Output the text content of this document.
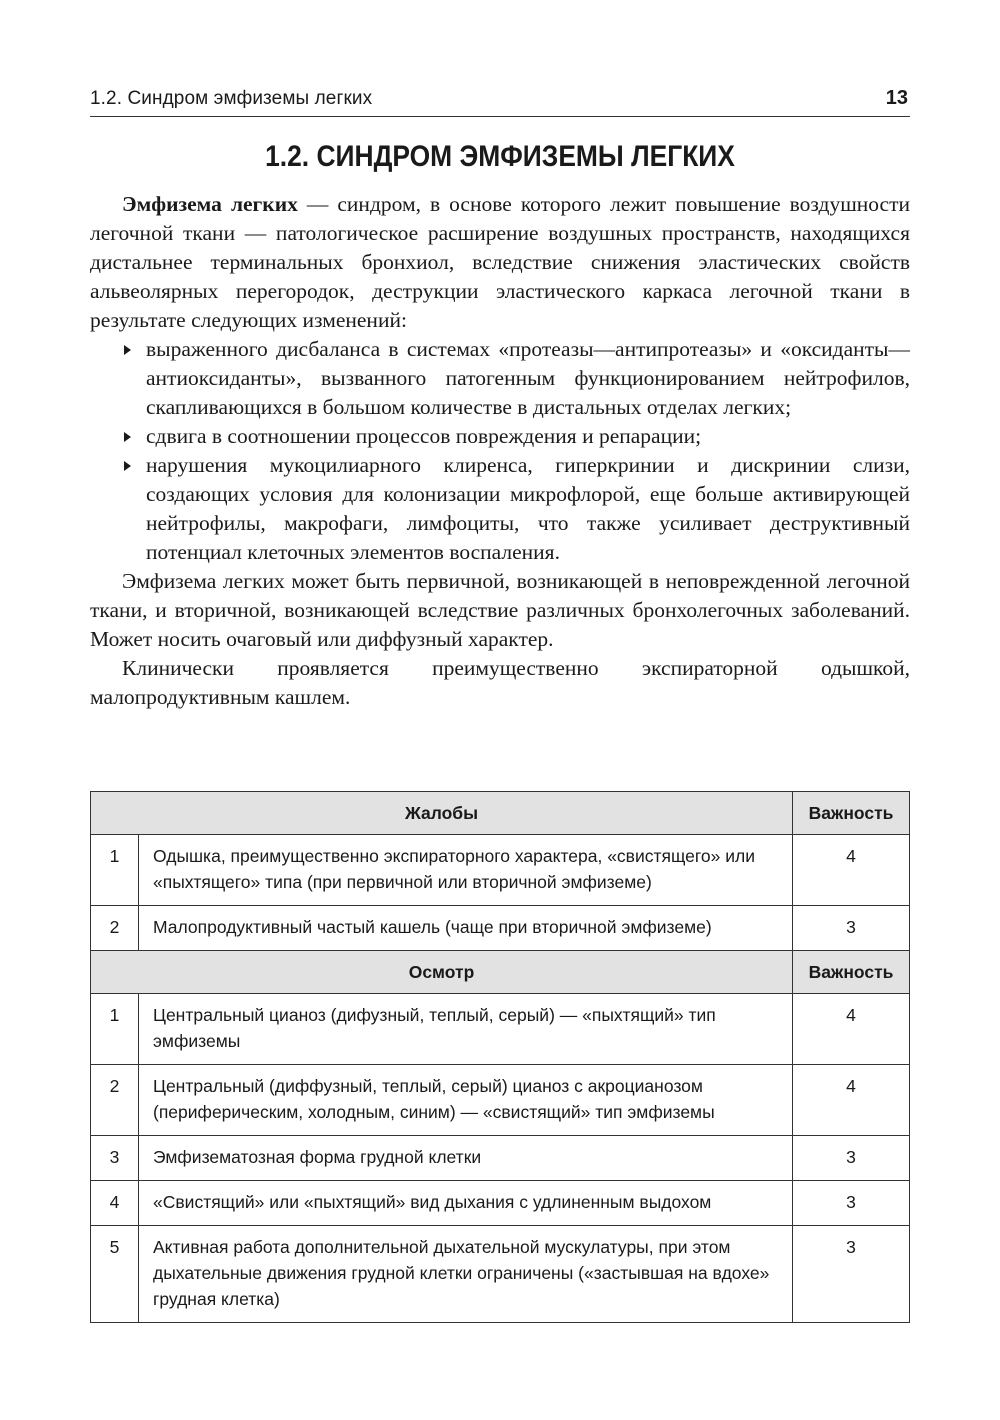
1.2. Синдром эмфиземы легких	13
1.2. СИНДРОМ ЭМФИЗЕМЫ ЛЕГКИХ

Эмфизема легких — синдром, в основе которого лежит повышение воздушности легочной ткани — патологическое расширение воздушных пространств, находящихся дистальнее терминальных бронхиол, вследствие снижения эластических свойств альвеолярных перегородок, деструкции эластического каркаса легочной ткани в результате следующих изменений:

выраженного дисбаланса в системах «протеазы—антипротеазы» и «оксиданты—антиоксиданты», вызванного патогенным функционированием нейтрофилов, скапливающихся в большом количестве в дистальных отделах легких;
сдвига в соотношении процессов повреждения и репарации;
нарушения мукоцилиарного клиренса, гиперкринии и дискринии слизи, создающих условия для колонизации микрофлорой, еще больше активирующей нейтрофилы, макрофаги, лимфоциты, что также усиливает деструктивный потенциал клеточных элементов воспаления.

Эмфизема легких может быть первичной, возникающей в неповрежденной легочной ткани, и вторичной, возникающей вследствие различных бронхолегочных заболеваний. Может носить очаговый или диффузный характер.

Клинически проявляется преимущественно экспираторной одышкой, малопродуктивным кашлем.

Жалобы		Важность
1	Одышка, преимущественно экспираторного характера, «свистящего» или «пыхтящего» типа (при первичной или вторичной эмфиземе)	4
2	Малопродуктивный частый кашель (чаще при вторичной эмфиземе)	3
Осмотр		Важность
1	Центральный цианоз (дифузный, теплый, серый) — «пыхтящий» тип эмфиземы	4
2	Центральный (диффузный, теплый, серый) цианоз с акроцианозом (периферическим, холодным, синим) — «свистящий» тип эмфиземы	4
3	Эмфизематозная форма грудной клетки	3
4	«Свистящий» или «пыхтящий» вид дыхания с удлиненным выдохом	3
5	Активная работа дополнительной дыхательной мускулатуры, при этом дыхательные движения грудной клетки ограничены («застывшая на вдохе» грудная клетка)	3
